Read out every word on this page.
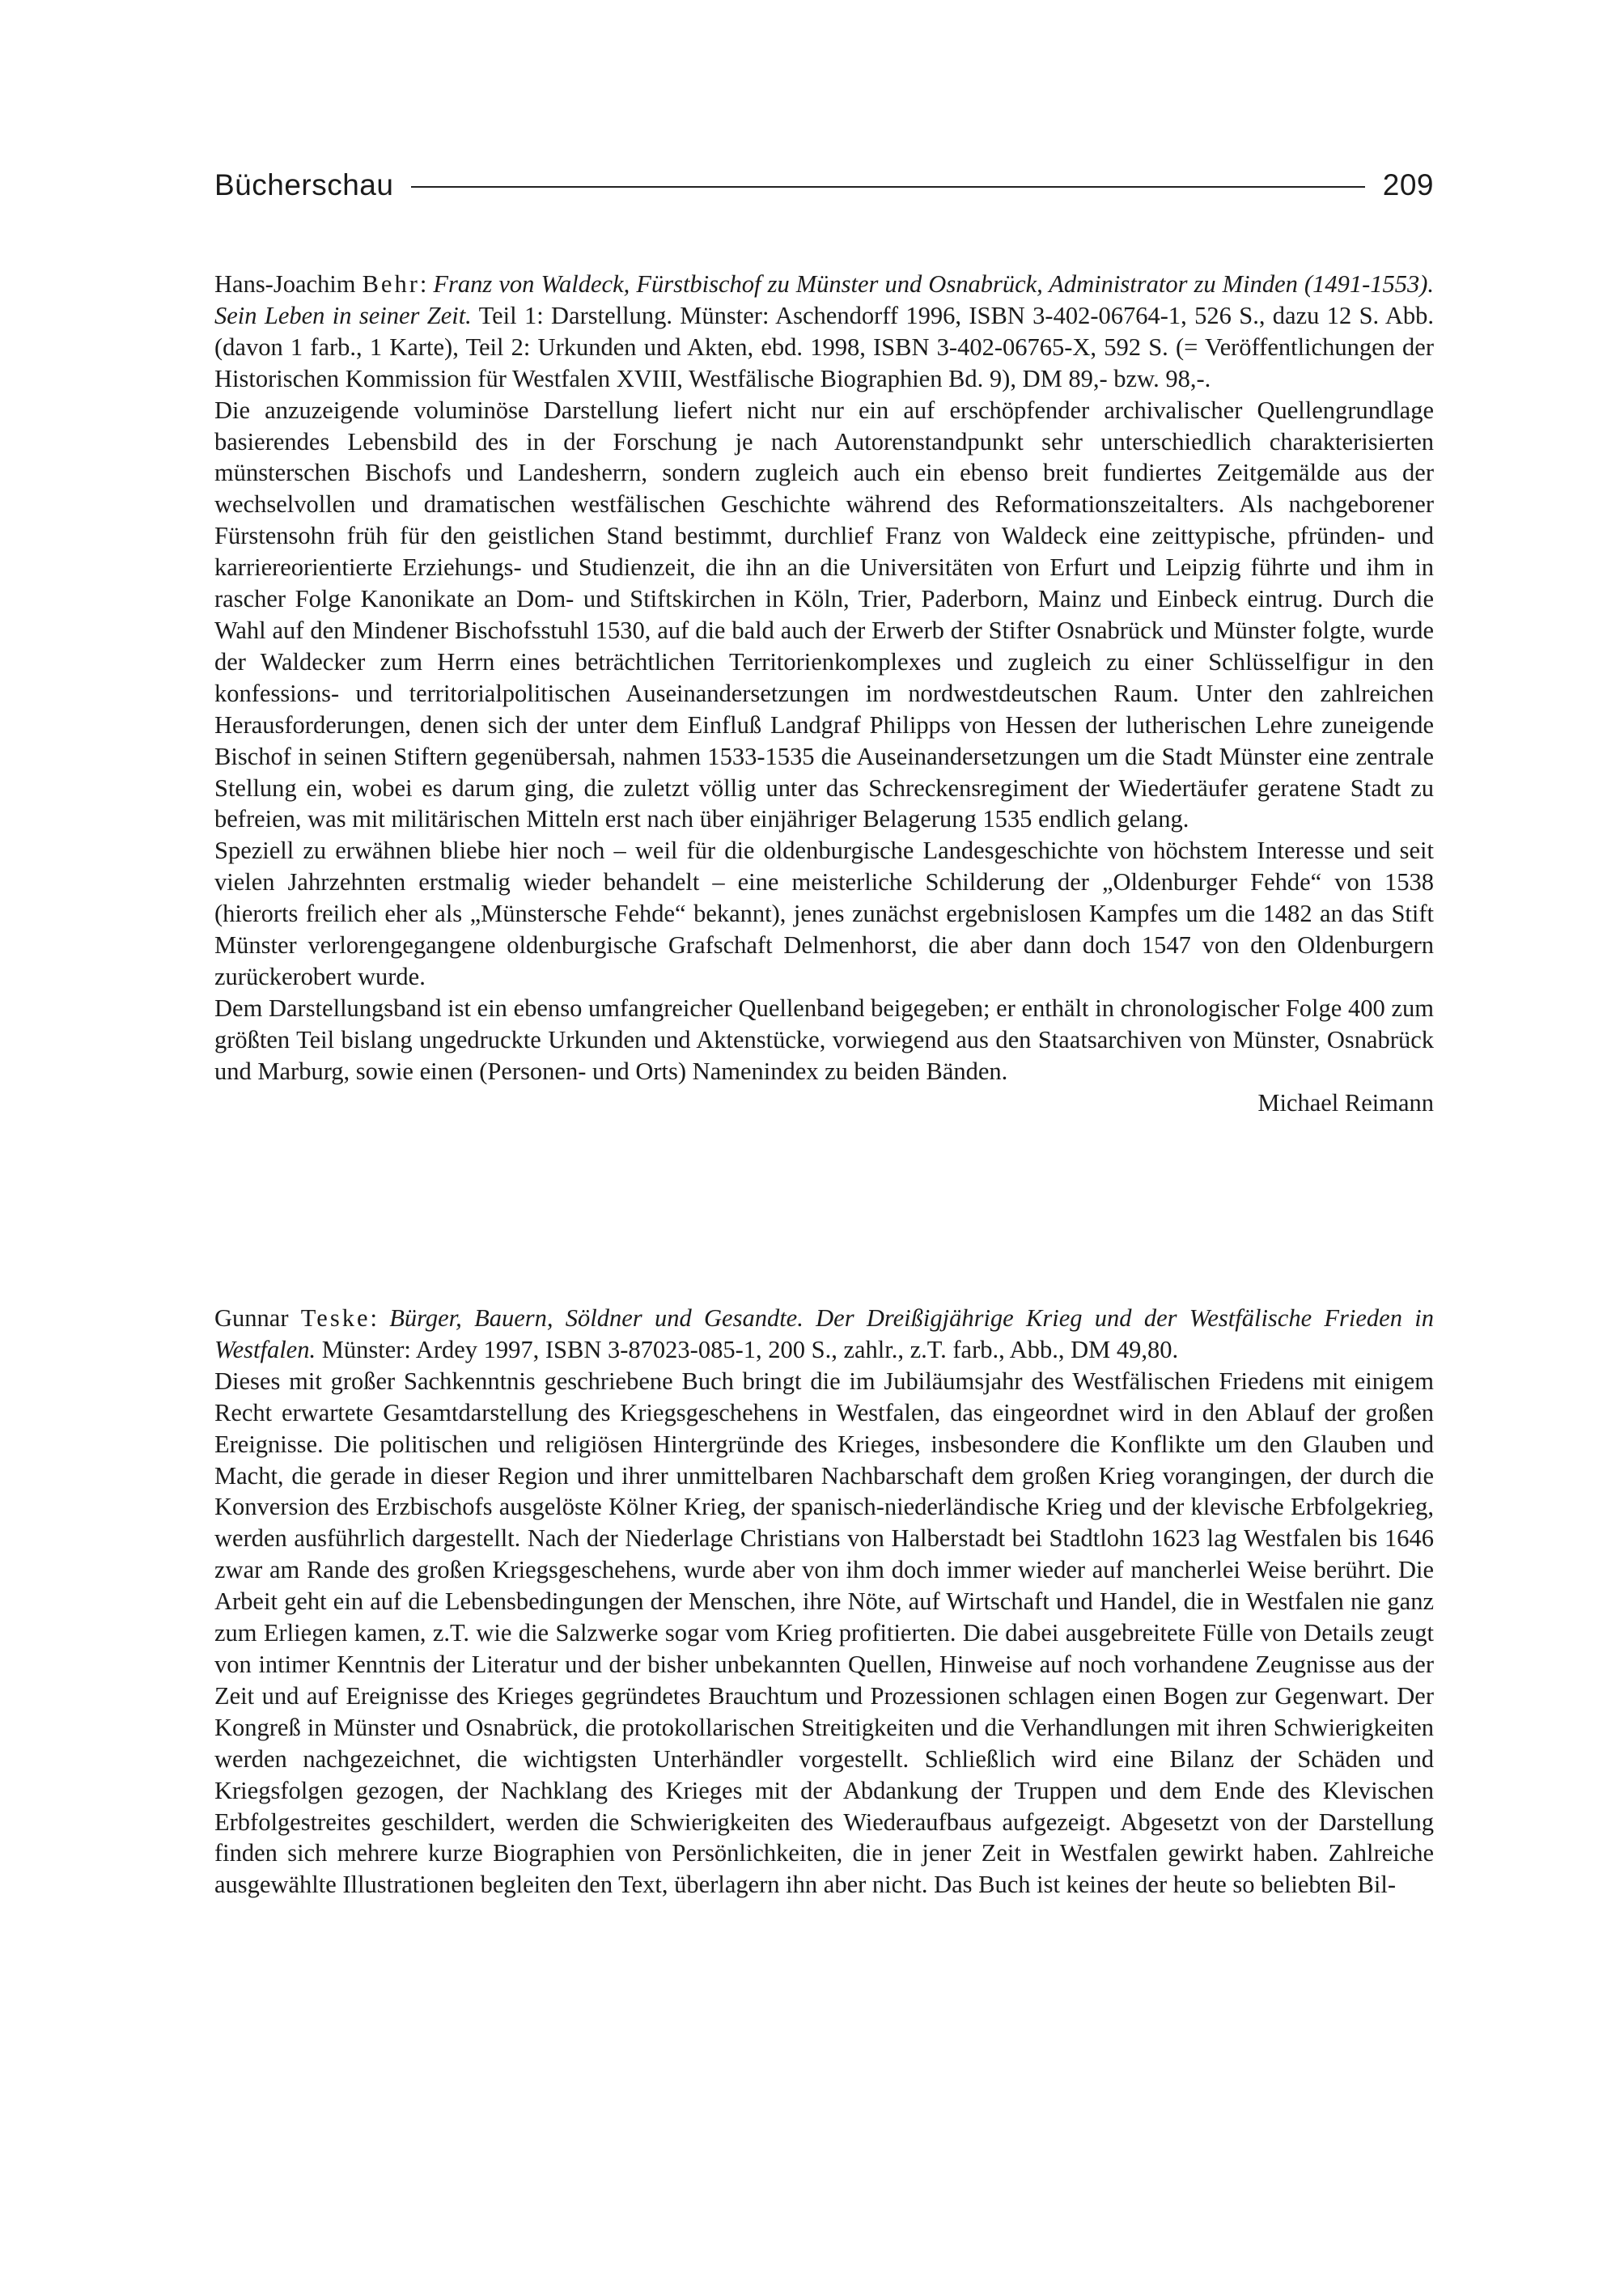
Bücherschau	209

Hans-Joachim Behr: Franz von Waldeck, Fürstbischof zu Münster und Osnabrück, Administrator zu Minden (1491-1553). Sein Leben in seiner Zeit. Teil 1: Darstellung. Münster: Aschendorff 1996, ISBN 3-402-06764-1, 526 S., dazu 12 S. Abb. (davon 1 farb., 1 Karte), Teil 2: Urkunden und Akten, ebd. 1998, ISBN 3-402-06765-X, 592 S. (= Veröffentlichungen der Historischen Kommission für Westfalen XVIII, Westfälische Biographien Bd. 9), DM 89,- bzw. 98,-.

Die anzuzeigende voluminöse Darstellung liefert nicht nur ein auf erschöpfender archivalischer Quellengrundlage basierendes Lebensbild des in der Forschung je nach Autorenstandpunkt sehr unterschiedlich charakterisierten münsterschen Bischofs und Landesherrn, sondern zugleich auch ein ebenso breit fundiertes Zeitgemälde aus der wechselvollen und dramatischen westfälischen Geschichte während des Reformationszeitalters. Als nachgeborener Fürstensohn früh für den geistlichen Stand bestimmt, durchlief Franz von Waldeck eine zeittypische, pfründen- und karriereorientierte Erziehungs- und Studienzeit, die ihn an die Universitäten von Erfurt und Leipzig führte und ihm in rascher Folge Kanonikate an Dom- und Stiftskirchen in Köln, Trier, Paderborn, Mainz und Einbeck eintrug. Durch die Wahl auf den Mindener Bischofsstuhl 1530, auf die bald auch der Erwerb der Stifter Osnabrück und Münster folgte, wurde der Waldecker zum Herrn eines beträchtlichen Territorienkomplexes und zugleich zu einer Schlüsselfigur in den konfessions- und territorialpolitischen Auseinandersetzungen im nordwestdeutschen Raum. Unter den zahlreichen Herausforderungen, denen sich der unter dem Einfluß Landgraf Philipps von Hessen der lutherischen Lehre zuneigende Bischof in seinen Stiftern gegenübersah, nahmen 1533-1535 die Auseinandersetzungen um die Stadt Münster eine zentrale Stellung ein, wobei es darum ging, die zuletzt völlig unter das Schreckensregiment der Wiedertäufer geratene Stadt zu befreien, was mit militärischen Mitteln erst nach über einjähriger Belagerung 1535 endlich gelang.

Speziell zu erwähnen bliebe hier noch – weil für die oldenburgische Landesgeschichte von höchstem Interesse und seit vielen Jahrzehnten erstmalig wieder behandelt – eine meisterliche Schilderung der „Oldenburger Fehde“ von 1538 (hierorts freilich eher als „Münstersche Fehde“ bekannt), jenes zunächst ergebnislosen Kampfes um die 1482 an das Stift Münster verlorengegangene oldenburgische Grafschaft Delmenhorst, die aber dann doch 1547 von den Oldenburgern zurückerobert wurde.

Dem Darstellungsband ist ein ebenso umfangreicher Quellenband beigegeben; er enthält in chronologischer Folge 400 zum größten Teil bislang ungedruckte Urkunden und Aktenstücke, vorwiegend aus den Staatsarchiven von Münster, Osnabrück und Marburg, sowie einen (Personen- und Orts) Namenindex zu beiden Bänden.

Michael Reimann

Gunnar Teske: Bürger, Bauern, Söldner und Gesandte. Der Dreißigjährige Krieg und der Westfälische Frieden in Westfalen. Münster: Ardey 1997, ISBN 3-87023-085-1, 200 S., zahlr., z.T. farb., Abb., DM 49,80.

Dieses mit großer Sachkenntnis geschriebene Buch bringt die im Jubiläumsjahr des Westfälischen Friedens mit einigem Recht erwartete Gesamtdarstellung des Kriegsgeschehens in Westfalen, das eingeordnet wird in den Ablauf der großen Ereignisse. Die politischen und religiösen Hintergründe des Krieges, insbesondere die Konflikte um den Glauben und Macht, die gerade in dieser Region und ihrer unmittelbaren Nachbarschaft dem großen Krieg vorangingen, der durch die Konversion des Erzbischofs ausgelöste Kölner Krieg, der spanisch-niederländische Krieg und der klevische Erbfolgekrieg, werden ausführlich dargestellt. Nach der Niederlage Christians von Halberstadt bei Stadtlohn 1623 lag Westfalen bis 1646 zwar am Rande des großen Kriegsgeschehens, wurde aber von ihm doch immer wieder auf mancherlei Weise berührt. Die Arbeit geht ein auf die Lebensbedingungen der Menschen, ihre Nöte, auf Wirtschaft und Handel, die in Westfalen nie ganz zum Erliegen kamen, z.T. wie die Salzwerke sogar vom Krieg profitierten. Die dabei ausgebreitete Fülle von Details zeugt von intimer Kenntnis der Literatur und der bisher unbekannten Quellen, Hinweise auf noch vorhandene Zeugnisse aus der Zeit und auf Ereignisse des Krieges gegründetes Brauchtum und Prozessionen schlagen einen Bogen zur Gegenwart. Der Kongreß in Münster und Osnabrück, die protokollarischen Streitigkeiten und die Verhandlungen mit ihren Schwierigkeiten werden nachgezeichnet, die wichtigsten Unterhändler vorgestellt. Schließlich wird eine Bilanz der Schäden und Kriegsfolgen gezogen, der Nachklang des Krieges mit der Abdankung der Truppen und dem Ende des Klevischen Erbfolgestreites geschildert, werden die Schwierigkeiten des Wiederaufbaus aufgezeigt. Abgesetzt von der Darstellung finden sich mehrere kurze Biographien von Persönlichkeiten, die in jener Zeit in Westfalen gewirkt haben. Zahlreiche ausgewählte Illustrationen begleiten den Text, überlagern ihn aber nicht. Das Buch ist keines der heute so beliebten Bil-
